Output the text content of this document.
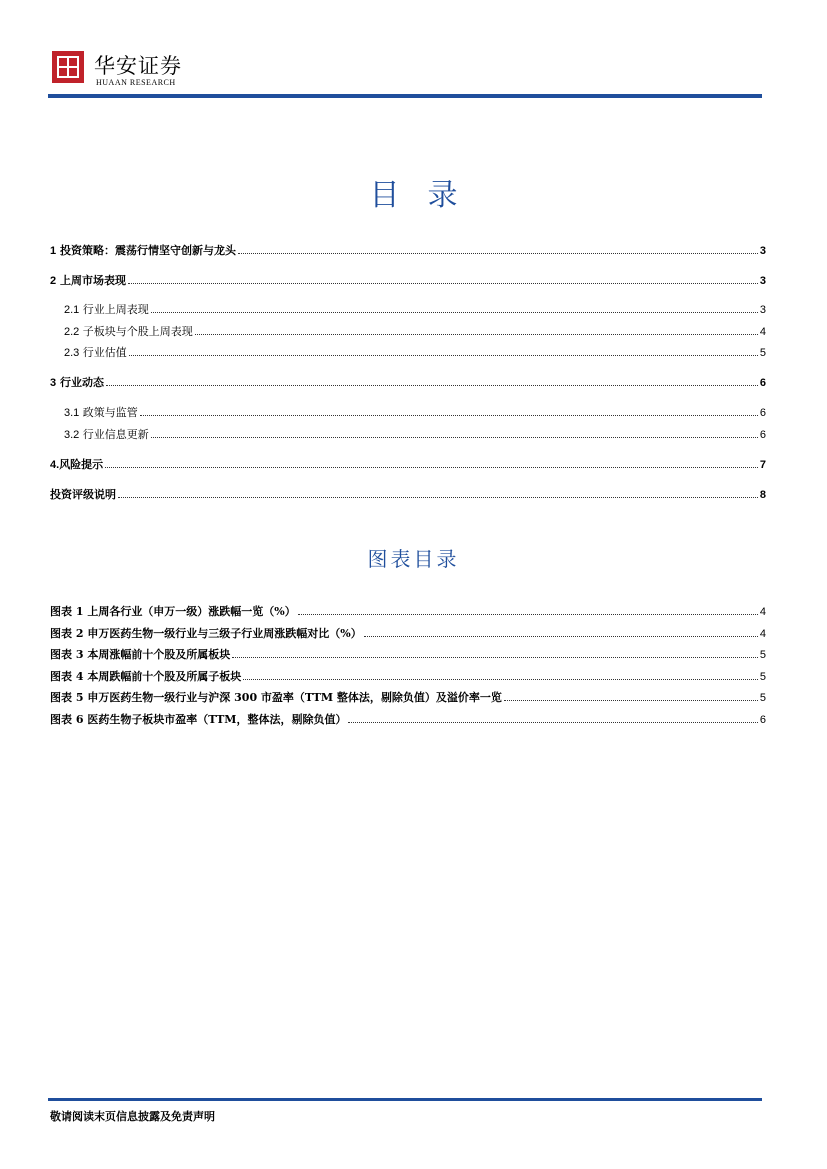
华安证券
HUAAN RESEARCH
目录
1 投资策略：震荡行情坚守创新与龙头	3
2 上周市场表现	3
2.1 行业上周表现	3
2.2 子板块与个股上周表现	4
2.3 行业估值	5
3 行业动态	6
3.1 政策与监管	6
3.2 行业信息更新	6
4.风险提示	7
投资评级说明	8
图表目录
图表 1 上周各行业（申万一级）涨跌幅一览（%）	4
图表 2 申万医药生物一级行业与三级子行业周涨跌幅对比（%）	4
图表 3 本周涨幅前十个股及所属板块	5
图表 4 本周跌幅前十个股及所属子板块	5
图表 5 申万医药生物一级行业与沪深 300 市盈率（TTM 整体法，剔除负值）及溢价率一览	5
图表 6 医药生物子板块市盈率（TTM，整体法，剔除负值）	6
敬请阅读末页信息披露及免责声明
